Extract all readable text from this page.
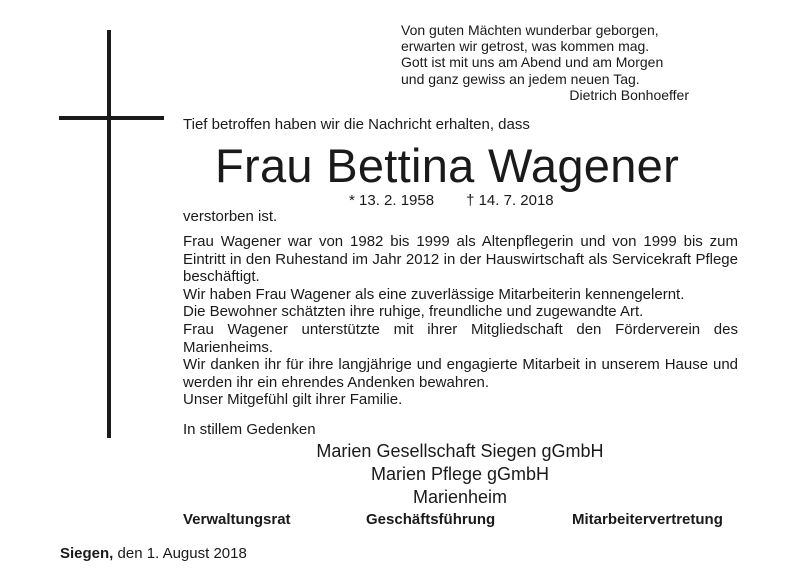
Von guten Mächten wunderbar geborgen,
erwarten wir getrost, was kommen mag.
Gott ist mit uns am Abend und am Morgen
und ganz gewiss an jedem neuen Tag.
Dietrich Bonhoeffer
Tief betroffen haben wir die Nachricht erhalten, dass
Frau Bettina Wagener
* 13. 2. 1958 † 14. 7. 2018
verstorben ist.

Frau Wagener war von 1982 bis 1999 als Altenpflegerin und von 1999 bis zum Eintritt in den Ruhestand im Jahr 2012 in der Hauswirtschaft als Servicekraft Pflege beschäftigt.

Wir haben Frau Wagener als eine zuverlässige Mitarbeiterin kennengelernt.

Die Bewohner schätzten ihre ruhige, freundliche und zugewandte Art.

Frau Wagener unterstützte mit ihrer Mitgliedschaft den Förderverein des Marienheims.

Wir danken ihr für ihre langjährige und engagierte Mitarbeit in unserem Hause und werden ihr ein ehrendes Andenken bewahren.

Unser Mitgefühl gilt ihrer Familie.

In stillem Gedenken
Marien Gesellschaft Siegen gGmbH
Marien Pflege gGmbH
Marienheim
Verwaltungsrat	Geschäftsführung	Mitarbeitervertretung
Siegen, den 1. August 2018
